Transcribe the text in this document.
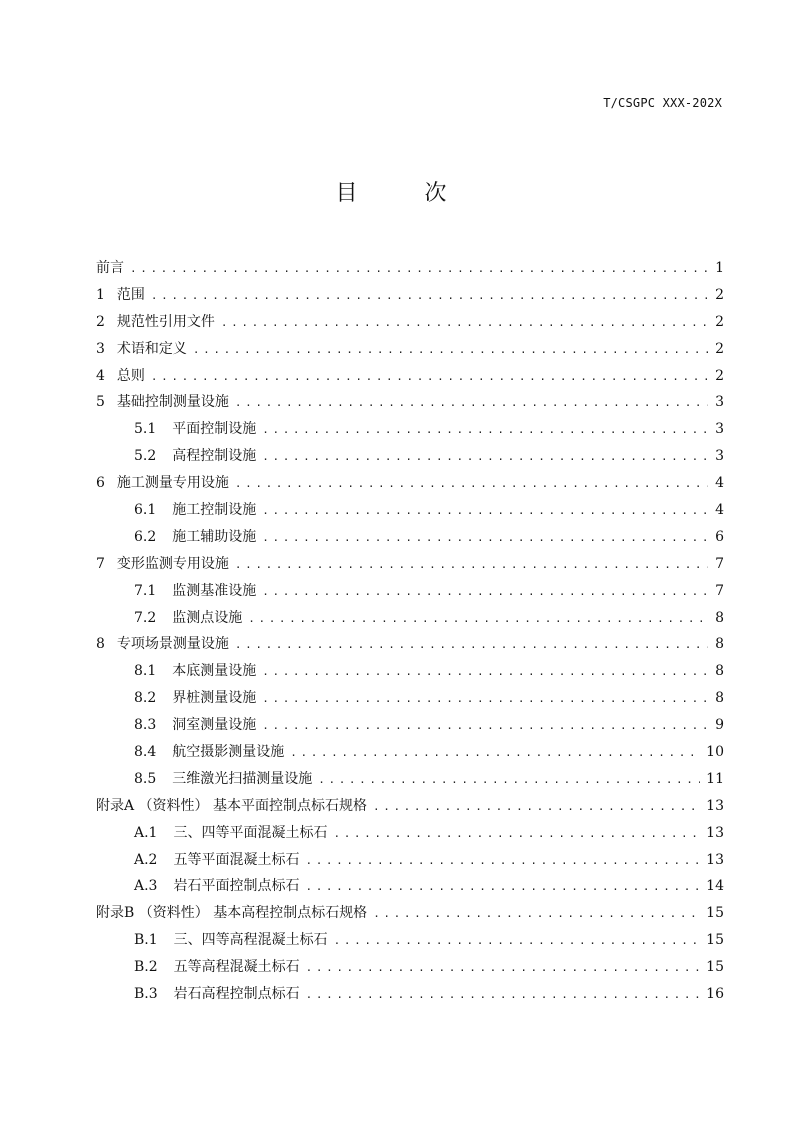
T/CSGPC XXX-202X
目 次
前言 .....	1
1 范围 .....	2
2 规范性引用文件 .....	2
3 术语和定义 .....	2
4 总则 .....	2
5 基础控制测量设施 .....	3
5.1 平面控制设施 .....	3
5.2 高程控制设施 .....	3
6 施工测量专用设施 .....	4
6.1 施工控制设施 .....	4
6.2 施工辅助设施 .....	6
7 变形监测专用设施 .....	7
7.1 监测基准设施 .....	7
7.2 监测点设施 .....	8
8 专项场景测量设施 .....	8
8.1 本底测量设施 .....	8
8.2 界桩测量设施 .....	8
8.3 洞室测量设施 .....	9
8.4 航空摄影测量设施 .....	10
8.5 三维激光扫描测量设施 .....	11
附录A （资料性） 基本平面控制点标石规格 .....	13
A.1 三、四等平面混凝土标石 .....	13
A.2 五等平面混凝土标石 .....	13
A.3 岩石平面控制点标石 .....	14
附录B （资料性） 基本高程控制点标石规格 .....	15
B.1 三、四等高程混凝土标石 .....	15
B.2 五等高程混凝土标石 .....	15
B.3 岩石高程控制点标石 .....	16
